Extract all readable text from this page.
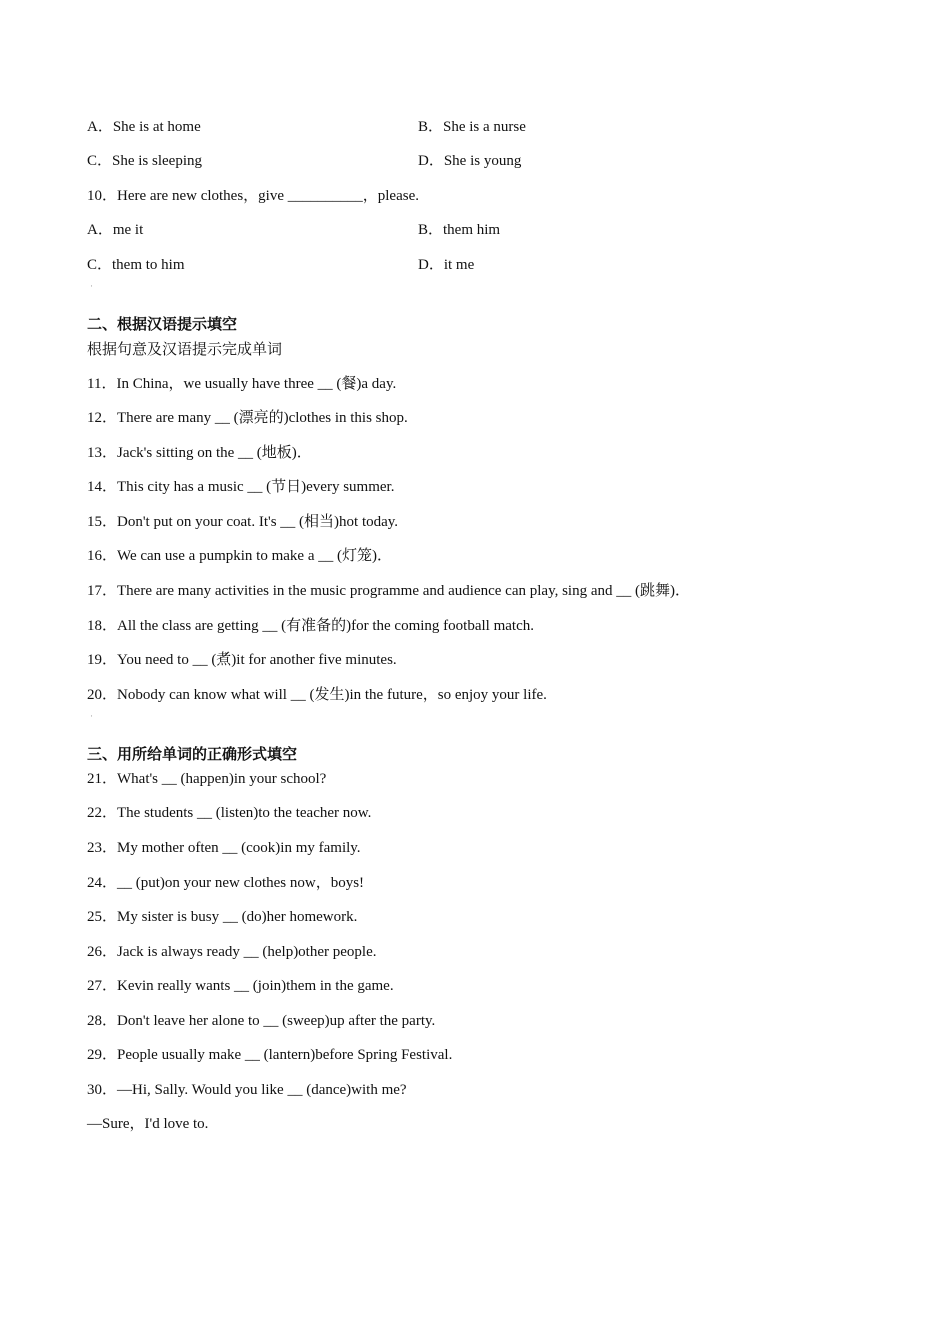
A．She is at home	B．She is a nurse
C．She is sleeping	D．She is young
10．Here are new clothes，give __________，please.
A．me it	B．them him
C．them to him	D．it me
·
二、根据汉语提示填空
根据句意及汉语提示完成单词
11．In China，we usually have three __ (餐)a day.
12．There are many __ (漂亮的)clothes in this shop.
13．Jack's sitting on the __ (地板)．
14．This city has a music __ (节日)every summer.
15．Don't put on your coat. It's __ (相当)hot today.
16．We can use a pumpkin to make a __ (灯笼)．
17．There are many activities in the music programme and audience can play, sing and __ (跳舞)．
18．All the class are getting __ (有准备的)for the coming football match.
19．You need to __ (煮)it for another five minutes.
20．Nobody can know what will __ (发生)in the future，so enjoy your life.
·
三、用所给单词的正确形式填空
21．What's __ (happen)in your school?
22．The students __ (listen)to the teacher now.
23．My mother often __ (cook)in my family.
24．__ (put)on your new clothes now，boys!
25．My sister is busy __ (do)her homework.
26．Jack is always ready __ (help)other people.
27．Kevin really wants __ (join)them in the game.
28．Don't leave her alone to __ (sweep)up after the party.
29．People usually make __ (lantern)before Spring Festival.
30．—Hi, Sally. Would you like __ (dance)with me?
—Sure，I'd love to.
